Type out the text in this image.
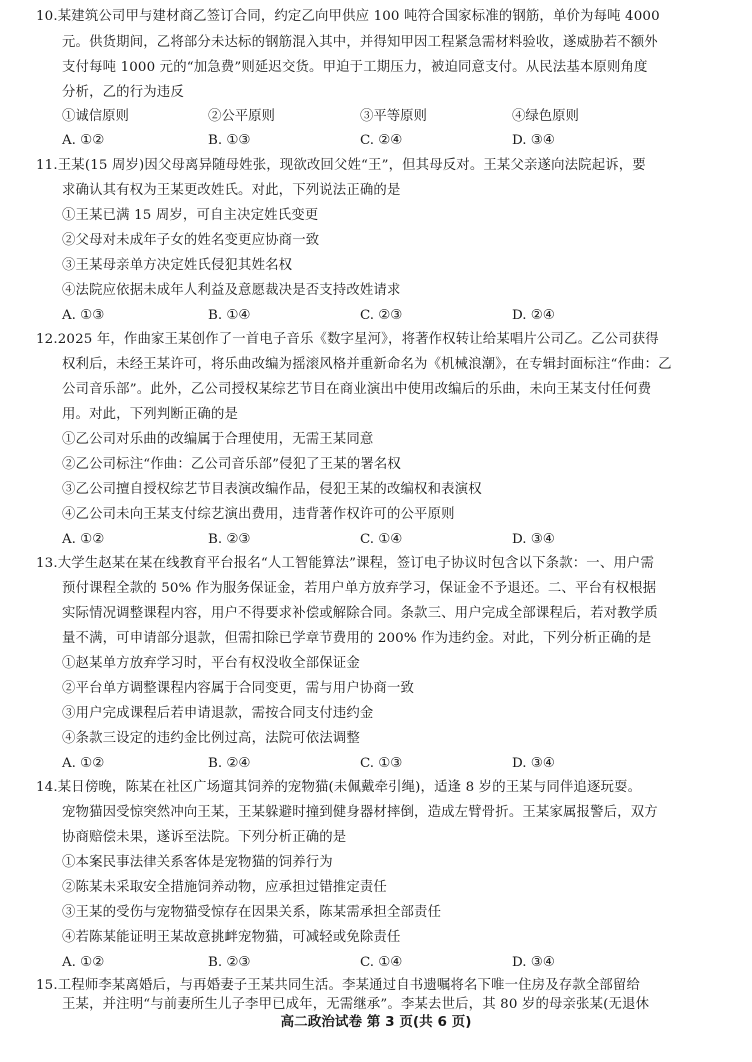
10.某建筑公司甲与建材商乙签订合同，约定乙向甲供应 100 吨符合国家标准的钢筋，单价为每吨 4000
元。供货期间，乙将部分未达标的钢筋混入其中，并得知甲因工程紧急需材料验收，遂威胁若不额外
支付每吨 1000 元的“加急费”则延迟交货。甲迫于工期压力，被迫同意支付。从民法基本原则角度
分析，乙的行为违反
①诚信原则	②公平原则	③平等原则	④绿色原则
A. ①②	B. ①③	C. ②④	D. ③④
11.王某(15 周岁)因父母离异随母姓张，现欲改回父姓“王”，但其母反对。王某父亲遂向法院起诉，要
求确认其有权为王某更改姓氏。对此，下列说法正确的是
①王某已满 15 周岁，可自主决定姓氏变更
②父母对未成年子女的姓名变更应协商一致
③王某母亲单方决定姓氏侵犯其姓名权
④法院应依据未成年人利益及意愿裁决是否支持改姓请求
A. ①③	B. ①④	C. ②③	D. ②④
12.2025 年，作曲家王某创作了一首电子音乐《数字星河》，将著作权转让给某唱片公司乙。乙公司获得
权利后，未经王某许可，将乐曲改编为摇滚风格并重新命名为《机械浪潮》，在专辑封面标注“作曲：乙
公司音乐部”。此外，乙公司授权某综艺节目在商业演出中使用改编后的乐曲，未向王某支付任何费
用。对此，下列判断正确的是
①乙公司对乐曲的改编属于合理使用，无需王某同意
②乙公司标注“作曲：乙公司音乐部”侵犯了王某的署名权
③乙公司擅自授权综艺节目表演改编作品，侵犯王某的改编权和表演权
④乙公司未向王某支付综艺演出费用，违背著作权许可的公平原则
A. ①②	B. ②③	C. ①④	D. ③④
13.大学生赵某在某在线教育平台报名“人工智能算法”课程，签订电子协议时包含以下条款：一、用户需
预付课程全款的 50% 作为服务保证金，若用户单方放弃学习，保证金不予退还。二、平台有权根据
实际情况调整课程内容，用户不得要求补偿或解除合同。条款三、用户完成全部课程后，若对教学质
量不满，可申请部分退款，但需扣除已学章节费用的 200% 作为违约金。对此，下列分析正确的是
①赵某单方放弃学习时，平台有权没收全部保证金
②平台单方调整课程内容属于合同变更，需与用户协商一致
③用户完成课程后若申请退款，需按合同支付违约金
④条款三设定的违约金比例过高，法院可依法调整
A. ①②	B. ②④	C. ①③	D. ③④
14.某日傍晚，陈某在社区广场遛其饲养的宠物猫(未佩戴牵引绳)，适逢 8 岁的王某与同伴追逐玩耍。
宠物猫因受惊突然冲向王某，王某躲避时撞到健身器材摔倒，造成左臂骨折。王某家属报警后，双方
协商赔偿未果，遂诉至法院。下列分析正确的是
①本案民事法律关系客体是宠物猫的饲养行为
②陈某未采取安全措施饲养动物，应承担过错推定责任
③王某的受伤与宠物猫受惊存在因果关系，陈某需承担全部责任
④若陈某能证明王某故意挑衅宠物猫，可减轻或免除责任
A. ①②	B. ②③	C. ①④	D. ③④
15.工程师李某离婚后，与再婚妻子王某共同生活。李某通过自书遗嘱将名下唯一住房及存款全部留给
王某，并注明“与前妻所生儿子李甲已成年，无需继承”。李某去世后，其 80 岁的母亲张某(无退休
高二政治试卷 第 3 页(共 6 页)
